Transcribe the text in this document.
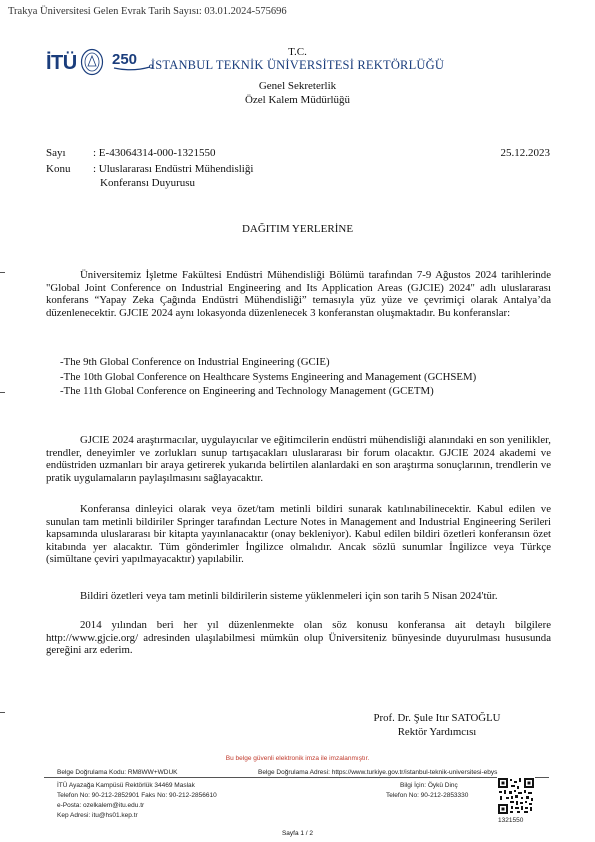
Trakya Üniversitesi Gelen Evrak Tarih Sayısı: 03.01.2024-575696
İTÜ 250	T.C.
İSTANBUL TEKNİK ÜNİVERSİTESİ REKTÖRLÜĞÜ
Genel Sekreterlik
Özel Kalem Müdürlüğü
Sayı : E-43064314-000-1321550	25.12.2023
Konu : Uluslararası Endüstri Mühendisliği
Konferansı Duyurusu
DAĞITIM YERLERİNE
Üniversitemiz İşletme Fakültesi Endüstri Mühendisliği Bölümü tarafından 7-9 Ağustos 2024 tarihlerinde "Global Joint Conference on Industrial Engineering and Its Application Areas (GJCIE) 2024" adlı uluslararası konferans “Yapay Zeka Çağında Endüstri Mühendisliği” temasıyla yüz yüze ve çevrimiçi olarak Antalya’da düzenlenecektir. GJCIE 2024 aynı lokasyonda düzenlenecek 3 konferanstan oluşmaktadır. Bu konferanslar:
-The 9th Global Conference on Industrial Engineering (GCIE)
-The 10th Global Conference on Healthcare Systems Engineering and Management (GCHSEM)
-The 11th Global Conference on Engineering and Technology Management (GCETM)
GJCIE 2024 araştırmacılar, uygulayıcılar ve eğitimcilerin endüstri mühendisliği alanındaki en son yenilikler, trendler, deneyimler ve zorlukları sunup tartışacakları uluslararası bir forum olacaktır. GJCIE 2024 akademi ve endüstriden uzmanları bir araya getirerek yukarıda belirtilen alanlardaki en son araştırma sonuçlarının, trendlerin ve pratik uygulamaların paylaşılmasını sağlayacaktır.
Konferansa dinleyici olarak veya özet/tam metinli bildiri sunarak katılınabilinecektir. Kabul edilen ve sunulan tam metinli bildiriler Springer tarafından Lecture Notes in Management and Industrial Engineering Serileri kapsamında uluslararası bir kitapta yayınlanacaktır (onay bekleniyor). Kabul edilen bildiri özetleri konferansın özet kitabında yer alacaktır. Tüm gönderimler İngilizce olmalıdır. Ancak sözlü sunumlar İngilizce veya Türkçe (simültane çeviri yapılmayacaktır) yapılabilir.
Bildiri özetleri veya tam metinli bildirilerin sisteme yüklenmeleri için son tarih 5 Nisan 2024'tür.
2014 yılından beri her yıl düzenlenmekte olan söz konusu konferansa ait detaylı bilgilere http://www.gjcie.org/ adresinden ulaşılabilmesi mümkün olup Üniversiteniz bünyesinde duyurulması hususunda gereğini arz ederim.
Prof. Dr. Şule Itır SATOĞLU
Rektör Yardımcısı
Bu belge güvenli elektronik imza ile imzalanmıştır.
Belge Doğrulama Kodu: RM8WW+WDUK	Belge Doğrulama Adresi: https://www.turkiye.gov.tr/istanbul-teknik-universitesi-ebys
İTÜ Ayazağa Kampüsü Rektörlük 34469 Maslak
Telefon No: 90-212-2852901 Faks No: 90-212-2856610
e-Posta: ozelkalem@itu.edu.tr
Kep Adresi: itu@hs01.kep.tr
Bilgi İçin: Öykü Dinç
Telefon No: 90-212-2853330
1321550
Sayfa 1 / 2
